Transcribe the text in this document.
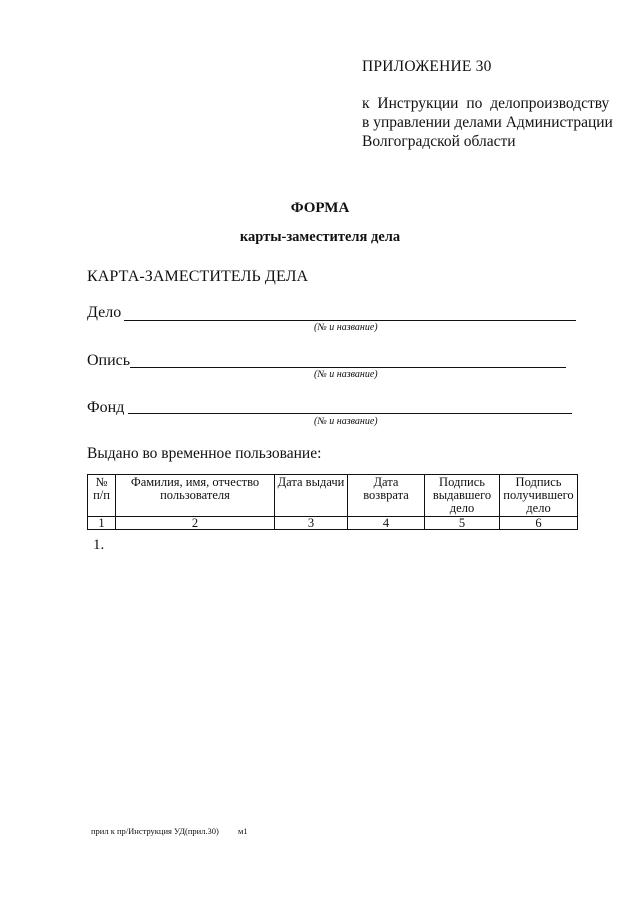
ПРИЛОЖЕНИЕ 30
к Инструкции по делопроизводству
в управлении делами Администрации
Волгоградской области
ФОРМА
карты-заместителя дела
КАРТА-ЗАМЕСТИТЕЛЬ ДЕЛА
Дело
(№ и название)
Опись
(№ и название)
Фонд
(№ и название)
Выдано во временное пользование:
№ п/п	Фамилия, имя, отчество пользователя	Дата выдачи	Дата возврата	Подпись выдавшего дело	Подпись получившего дело
1	2	3	4	5	6
1.
прил к пр/Инструкция УД(прил.30) м1
